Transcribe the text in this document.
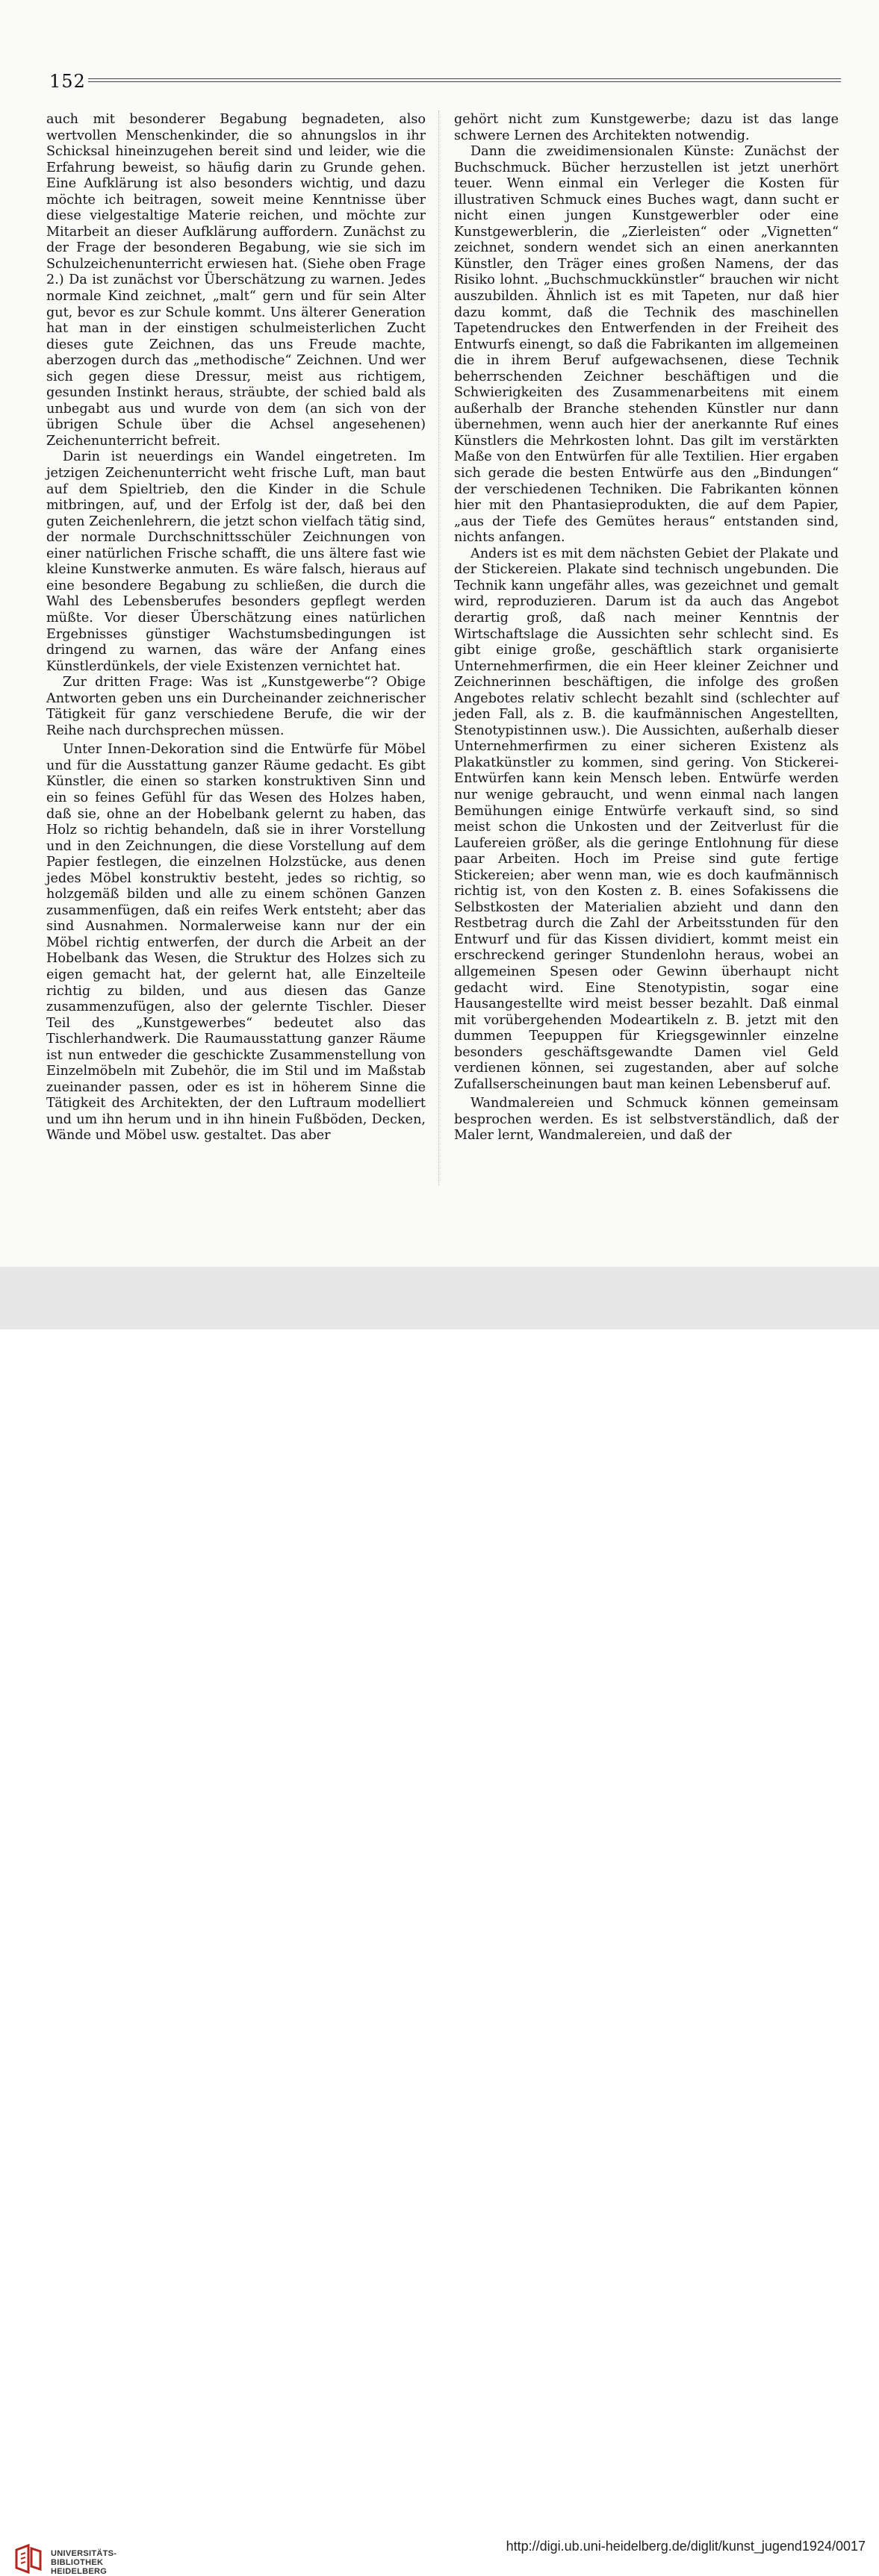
152

auch mit besonderer Begabung begnadeten, also wertvollen Menschenkinder, die so ahnungslos in ihr Schicksal hineinzugehen bereit sind und leider, wie die Erfahrung beweist, so häufig darin zu Grunde gehen. Eine Aufklärung ist also besonders wichtig, und dazu möchte ich beitragen, soweit meine Kenntnisse über diese vielgestaltige Materie reichen, und möchte zur Mitarbeit an dieser Aufklärung auffordern. Zunächst zu der Frage der besonderen Begabung, wie sie sich im Schulzeichenunterricht erwiesen hat. (Siehe oben Frage 2.) Da ist zunächst vor Überschätzung zu warnen. Jedes normale Kind zeichnet, „malt“ gern und für sein Alter gut, bevor es zur Schule kommt. Uns älterer Generation hat man in der einstigen schulmeisterlichen Zucht dieses gute Zeichnen, das uns Freude machte, aberzogen durch das „methodische“ Zeichnen. Und wer sich gegen diese Dressur, meist aus richtigem, gesunden Instinkt heraus, sträubte, der schied bald als unbegabt aus und wurde von dem (an sich von der übrigen Schule über die Achsel angesehenen) Zeichenunterricht befreit.

Darin ist neuerdings ein Wandel eingetreten. Im jetzigen Zeichenunterricht weht frische Luft, man baut auf dem Spieltrieb, den die Kinder in die Schule mitbringen, auf, und der Erfolg ist der, daß bei den guten Zeichenlehrern, die jetzt schon vielfach tätig sind, der normale Durchschnittsschüler Zeichnungen von einer natürlichen Frische schafft, die uns ältere fast wie kleine Kunstwerke anmuten. Es wäre falsch, hieraus auf eine besondere Begabung zu schließen, die durch die Wahl des Lebensberufes besonders gepflegt werden müßte. Vor dieser Überschätzung eines natürlichen Ergebnisses günstiger Wachstumsbedingungen ist dringend zu warnen, das wäre der Anfang eines Künstlerdünkels, der viele Existenzen vernichtet hat.

Zur dritten Frage: Was ist „Kunstgewerbe“? Obige Antworten geben uns ein Durcheinander zeichnerischer Tätigkeit für ganz verschiedene Berufe, die wir der Reihe nach durchsprechen müssen.

Unter Innen-Dekoration sind die Entwürfe für Möbel und für die Ausstattung ganzer Räume gedacht. Es gibt Künstler, die einen so starken konstruktiven Sinn und ein so feines Gefühl für das Wesen des Holzes haben, daß sie, ohne an der Hobelbank gelernt zu haben, das Holz so richtig behandeln, daß sie in ihrer Vorstellung und in den Zeichnungen, die diese Vorstellung auf dem Papier festlegen, die einzelnen Holzstücke, aus denen jedes Möbel konstruktiv besteht, jedes so richtig, so holzgemäß bilden und alle zu einem schönen Ganzen zusammenfügen, daß ein reifes Werk entsteht; aber das sind Ausnahmen. Normalerweise kann nur der ein Möbel richtig entwerfen, der durch die Arbeit an der Hobelbank das Wesen, die Struktur des Holzes sich zu eigen gemacht hat, der gelernt hat, alle Einzelteile richtig zu bilden, und aus diesen das Ganze zusammenzufügen, also der gelernte Tischler. Dieser Teil des „Kunstgewerbes“ bedeutet also das Tischlerhandwerk. Die Raumausstattung ganzer Räume ist nun entweder die geschickte Zusammenstellung von Einzelmöbeln mit Zubehör, die im Stil und im Maßstab zueinander passen, oder es ist in höherem Sinne die Tätigkeit des Architekten, der den Luftraum modelliert und um ihn herum und in ihn hinein Fußböden, Decken, Wände und Möbel usw. gestaltet. Das aber

gehört nicht zum Kunstgewerbe; dazu ist das lange schwere Lernen des Architekten notwendig.

Dann die zweidimensionalen Künste: Zunächst der Buchschmuck. Bücher herzustellen ist jetzt unerhört teuer. Wenn einmal ein Verleger die Kosten für illustrativen Schmuck eines Buches wagt, dann sucht er nicht einen jungen Kunstgewerbler oder eine Kunstgewerblerin, die „Zierleisten“ oder „Vignetten“ zeichnet, sondern wendet sich an einen anerkannten Künstler, den Träger eines großen Namens, der das Risiko lohnt. „Buchschmuckkünstler“ brauchen wir nicht auszubilden. Ähnlich ist es mit Tapeten, nur daß hier dazu kommt, daß die Technik des maschinellen Tapetendruckes den Entwerfenden in der Freiheit des Entwurfs einengt, so daß die Fabrikanten im allgemeinen die in ihrem Beruf aufgewachsenen, diese Technik beherrschenden Zeichner beschäftigen und die Schwierigkeiten des Zusammenarbeitens mit einem außerhalb der Branche stehenden Künstler nur dann übernehmen, wenn auch hier der anerkannte Ruf eines Künstlers die Mehrkosten lohnt. Das gilt im verstärkten Maße von den Entwürfen für alle Textilien. Hier ergaben sich gerade die besten Entwürfe aus den „Bindungen“ der verschiedenen Techniken. Die Fabrikanten können hier mit den Phantasieprodukten, die auf dem Papier, „aus der Tiefe des Gemütes heraus“ entstanden sind, nichts anfangen.

Anders ist es mit dem nächsten Gebiet der Plakate und der Stickereien. Plakate sind technisch ungebunden. Die Technik kann ungefähr alles, was gezeichnet und gemalt wird, reproduzieren. Darum ist da auch das Angebot derartig groß, daß nach meiner Kenntnis der Wirtschaftslage die Aussichten sehr schlecht sind. Es gibt einige große, geschäftlich stark organisierte Unternehmerfirmen, die ein Heer kleiner Zeichner und Zeichnerinnen beschäftigen, die infolge des großen Angebotes relativ schlecht bezahlt sind (schlechter auf jeden Fall, als z. B. die kaufmännischen Angestellten, Stenotypistinnen usw.). Die Aussichten, außerhalb dieser Unternehmerfirmen zu einer sicheren Existenz als Plakatkünstler zu kommen, sind gering. Von Stickerei-Entwürfen kann kein Mensch leben. Entwürfe werden nur wenige gebraucht, und wenn einmal nach langen Bemühungen einige Entwürfe verkauft sind, so sind meist schon die Unkosten und der Zeitverlust für die Laufereien größer, als die geringe Entlohnung für diese paar Arbeiten. Hoch im Preise sind gute fertige Stickereien; aber wenn man, wie es doch kaufmännisch richtig ist, von den Kosten z. B. eines Sofakissens die Selbstkosten der Materialien abzieht und dann den Restbetrag durch die Zahl der Arbeitsstunden für den Entwurf und für das Kissen dividiert, kommt meist ein erschreckend geringer Stundenlohn heraus, wobei an allgemeinen Spesen oder Gewinn überhaupt nicht gedacht wird. Eine Stenotypistin, sogar eine Hausangestellte wird meist besser bezahlt. Daß einmal mit vorübergehenden Modeartikeln z. B. jetzt mit den dummen Teepuppen für Kriegsgewinnler einzelne besonders geschäftsgewandte Damen viel Geld verdienen können, sei zugestanden, aber auf solche Zufallserscheinungen baut man keinen Lebensberuf auf.

Wandmalereien und Schmuck können gemeinsam besprochen werden. Es ist selbstverständlich, daß der Maler lernt, Wandmalereien, und daß der

UNIVERSITÄTS-
BIBLIOTHEK
HEIDELBERG
http://digi.ub.uni-heidelberg.de/diglit/kunst_jugend1924/0017
